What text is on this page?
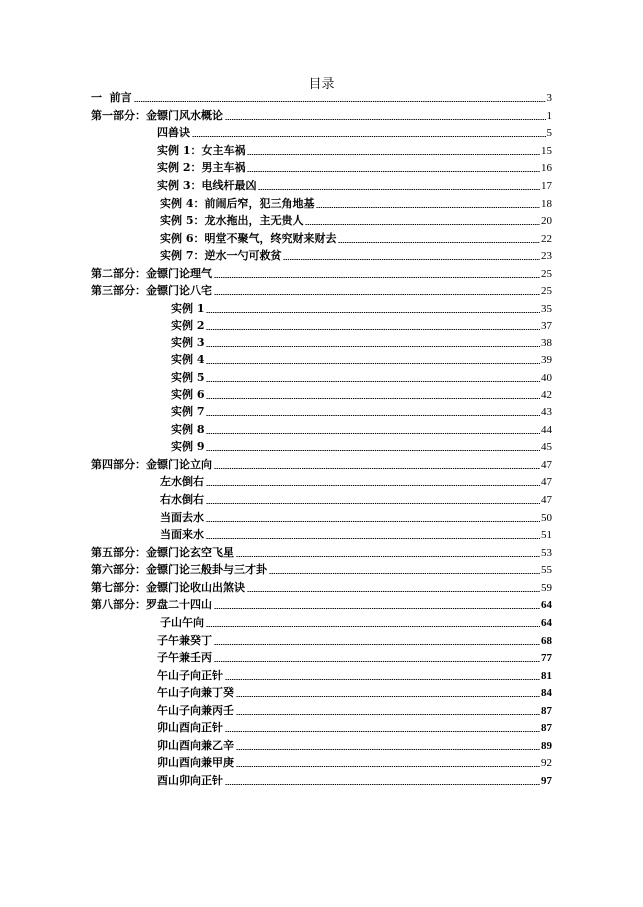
目录
一  前言	3
第一部分：金镖门风水概论	1
四兽诀	5
实例 1：女主车祸	15
实例 2：男主车祸	16
实例 3：电线杆最凶	17
实例 4：前闹后窄，犯三角地基	18
实例 5：龙水拖出，主无贵人	20
实例 6：明堂不聚气，终究财来财去	22
实例 7：逆水一勺可救贫	23
第二部分：金镖门论理气	25
第三部分：金镖门论八宅	25
实例 1	35
实例 2	37
实例 3	38
实例 4	39
实例 5	40
实例 6	42
实例 7	43
实例 8	44
实例 9	45
第四部分：金镖门论立向	47
左水倒右	47
右水倒右	47
当面去水	50
当面来水	51
第五部分：金镖门论玄空飞星	53
第六部分：金镖门论三般卦与三才卦	55
第七部分：金镖门论收山出煞诀	59
第八部分：罗盘二十四山	64
子山午向	64
子午兼癸丁	68
子午兼壬丙	77
午山子向正针	81
午山子向兼丁癸	84
午山子向兼丙壬	87
卯山酉向正针	87
卯山酉向兼乙辛	89
卯山酉向兼甲庚	92
酉山卯向正针	97
